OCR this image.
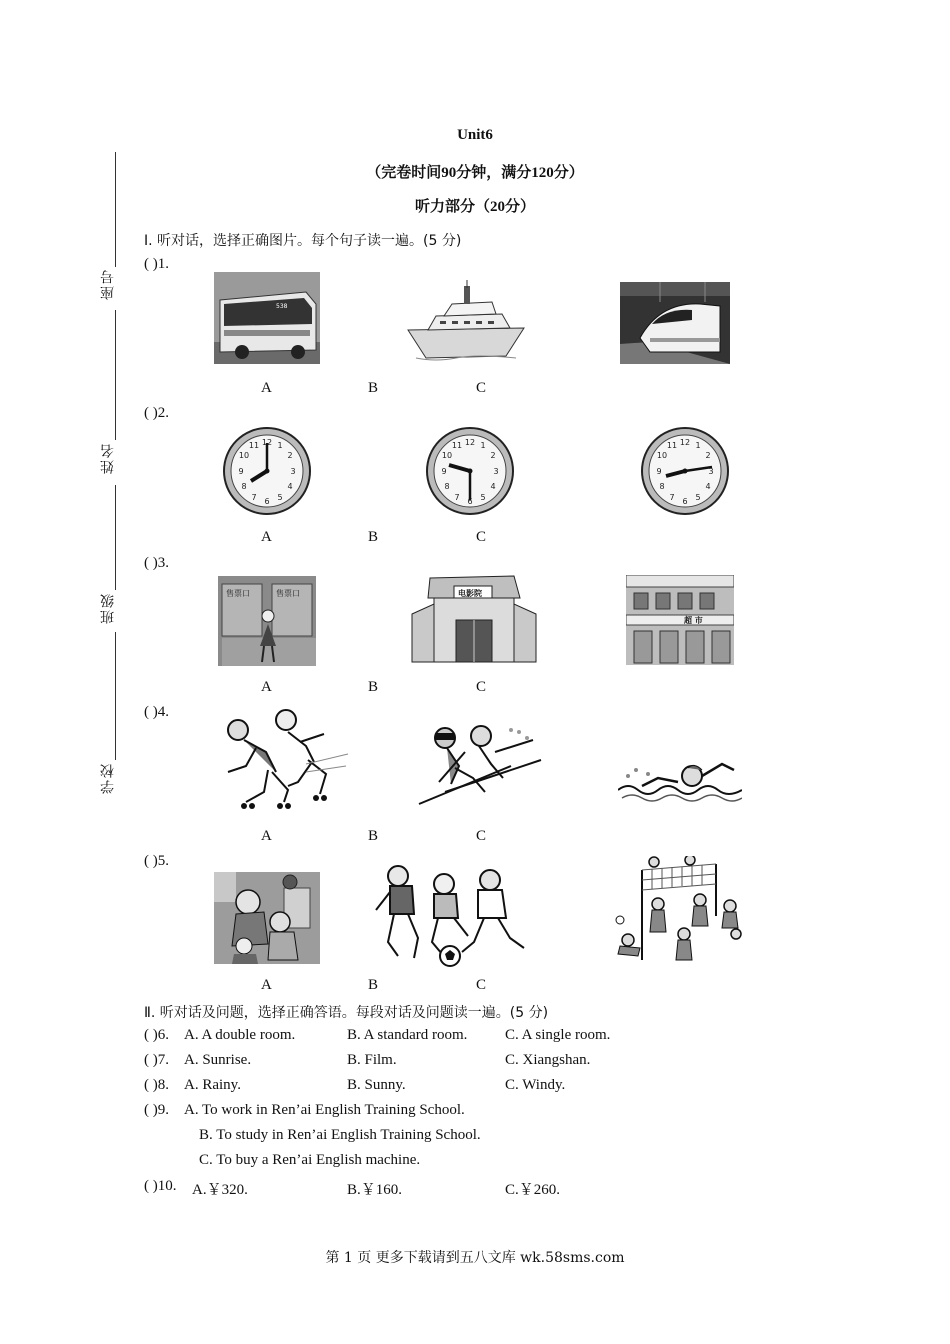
Unit6
（完卷时间90分钟，满分120分）
听力部分（20分）
座号
姓名
班级
学校
Ⅰ. 听对话，选择正确图片。每个句子读一遍。(5 分)
( )1.
538
A	B	C
( )2.
12 1
2
3
4
5
6
7
8
9
10
11	12 1
2
3
4
5
6
7
8
9
10
11	12 1
2
3
4
5
6
7
8
9
10
11
A	B	C
( )3.
售票口	售票口	电影院
超 市
A	B	C
( )4.
A	B	C
( )5.
A	B	C
Ⅱ. 听对话及问题，选择正确答语。每段对话及问题读一遍。(5 分)
( )6. A. A double room.	B. A standard room.	C. A single room.
( )7. A. Sunrise.	B. Film.	C. Xiangshan.
( )8. A. Rainy.	B. Sunny.	C. Windy.
( )9. A. To work in Ren’ai English Training School.
B. To study in Ren’ai English Training School.
C. To buy a Ren’ai English machine.
( )10. A.￥320.	B.￥160.	C.￥260.
第 1 页 更多下载请到五八文库 wk.58sms.com
